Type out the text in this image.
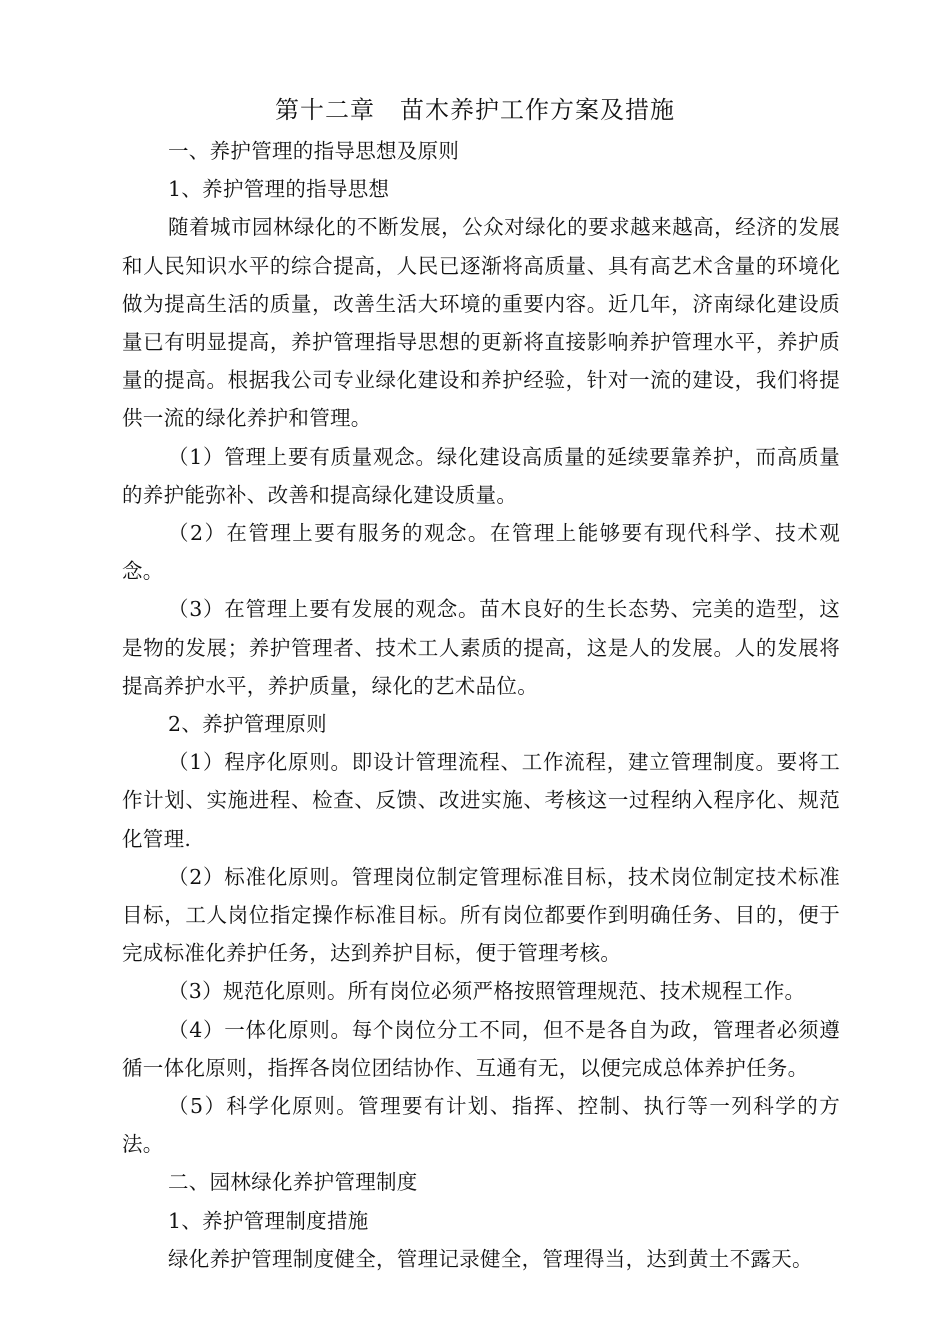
第十二章　苗木养护工作方案及措施

一、养护管理的指导思想及原则

1、养护管理的指导思想

随着城市园林绿化的不断发展，公众对绿化的要求越来越高，经济的发展和人民知识水平的综合提高，人民已逐渐将高质量、具有高艺术含量的环境化做为提高生活的质量，改善生活大环境的重要内容。近几年，济南绿化建设质量已有明显提高，养护管理指导思想的更新将直接影响养护管理水平，养护质量的提高。根据我公司专业绿化建设和养护经验，针对一流的建设，我们将提供一流的绿化养护和管理。

（1）管理上要有质量观念。绿化建设高质量的延续要靠养护，而高质量的养护能弥补、改善和提高绿化建设质量。

（2）在管理上要有服务的观念。在管理上能够要有现代科学、技术观念。

（3）在管理上要有发展的观念。苗木良好的生长态势、完美的造型，这是物的发展；养护管理者、技术工人素质的提高，这是人的发展。人的发展将提高养护水平，养护质量，绿化的艺术品位。

2、养护管理原则

（1）程序化原则。即设计管理流程、工作流程，建立管理制度。要将工作计划、实施进程、检查、反馈、改进实施、考核这一过程纳入程序化、规范化管理.

（2）标准化原则。管理岗位制定管理标准目标，技术岗位制定技术标准目标，工人岗位指定操作标准目标。所有岗位都要作到明确任务、目的，便于完成标准化养护任务，达到养护目标，便于管理考核。

（3）规范化原则。所有岗位必须严格按照管理规范、技术规程工作。

（4）一体化原则。每个岗位分工不同，但不是各自为政，管理者必须遵循一体化原则，指挥各岗位团结协作、互通有无，以便完成总体养护任务。

（5）科学化原则。管理要有计划、指挥、控制、执行等一列科学的方法。

二、园林绿化养护管理制度

1、养护管理制度措施

绿化养护管理制度健全，管理记录健全，管理得当，达到黄土不露天。
